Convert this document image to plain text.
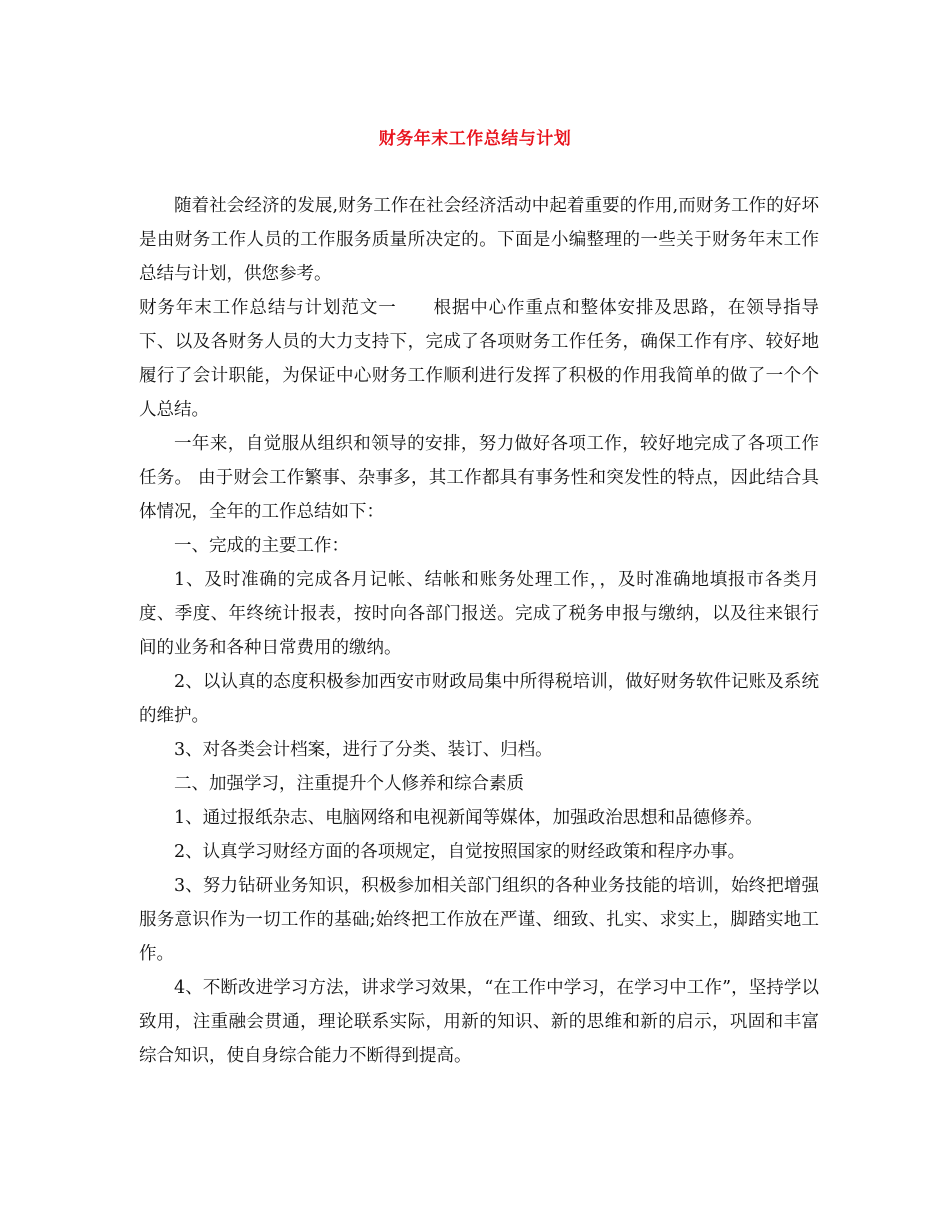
财务年末工作总结与计划

随着社会经济的发展,财务工作在社会经济活动中起着重要的作用,而财务工作的好坏是由财务工作人员的工作服务质量所决定的。下面是小编整理的一些关于财务年末工作总结与计划，供您参考。

财务年末工作总结与计划范文一　　根据中心作重点和整体安排及思路，在领导指导下、以及各财务人员的大力支持下，完成了各项财务工作任务，确保工作有序、较好地履行了会计职能，为保证中心财务工作顺利进行发挥了积极的作用我简单的做了一个个人总结。

一年来，自觉服从组织和领导的安排，努力做好各项工作，较好地完成了各项工作任务。 由于财会工作繁事、杂事多，其工作都具有事务性和突发性的特点，因此结合具体情况，全年的工作总结如下：

一、完成的主要工作：

1、及时准确的完成各月记帐、结帐和账务处理工作，，及时准确地填报市各类月度、季度、年终统计报表，按时向各部门报送。完成了税务申报与缴纳，以及往来银行间的业务和各种日常费用的缴纳。

2、以认真的态度积极参加西安市财政局集中所得税培训，做好财务软件记账及系统的维护。

3、对各类会计档案，进行了分类、装订、归档。

二、加强学习，注重提升个人修养和综合素质

1、通过报纸杂志、电脑网络和电视新闻等媒体，加强政治思想和品德修养。

2、认真学习财经方面的各项规定，自觉按照国家的财经政策和程序办事。

3、努力钻研业务知识，积极参加相关部门组织的各种业务技能的培训，始终把增强服务意识作为一切工作的基础;始终把工作放在严谨、细致、扎实、求实上，脚踏实地工作。

4、不断改进学习方法，讲求学习效果，“在工作中学习，在学习中工作”，坚持学以致用，注重融会贯通，理论联系实际，用新的知识、新的思维和新的启示，巩固和丰富综合知识，使自身综合能力不断得到提高。
